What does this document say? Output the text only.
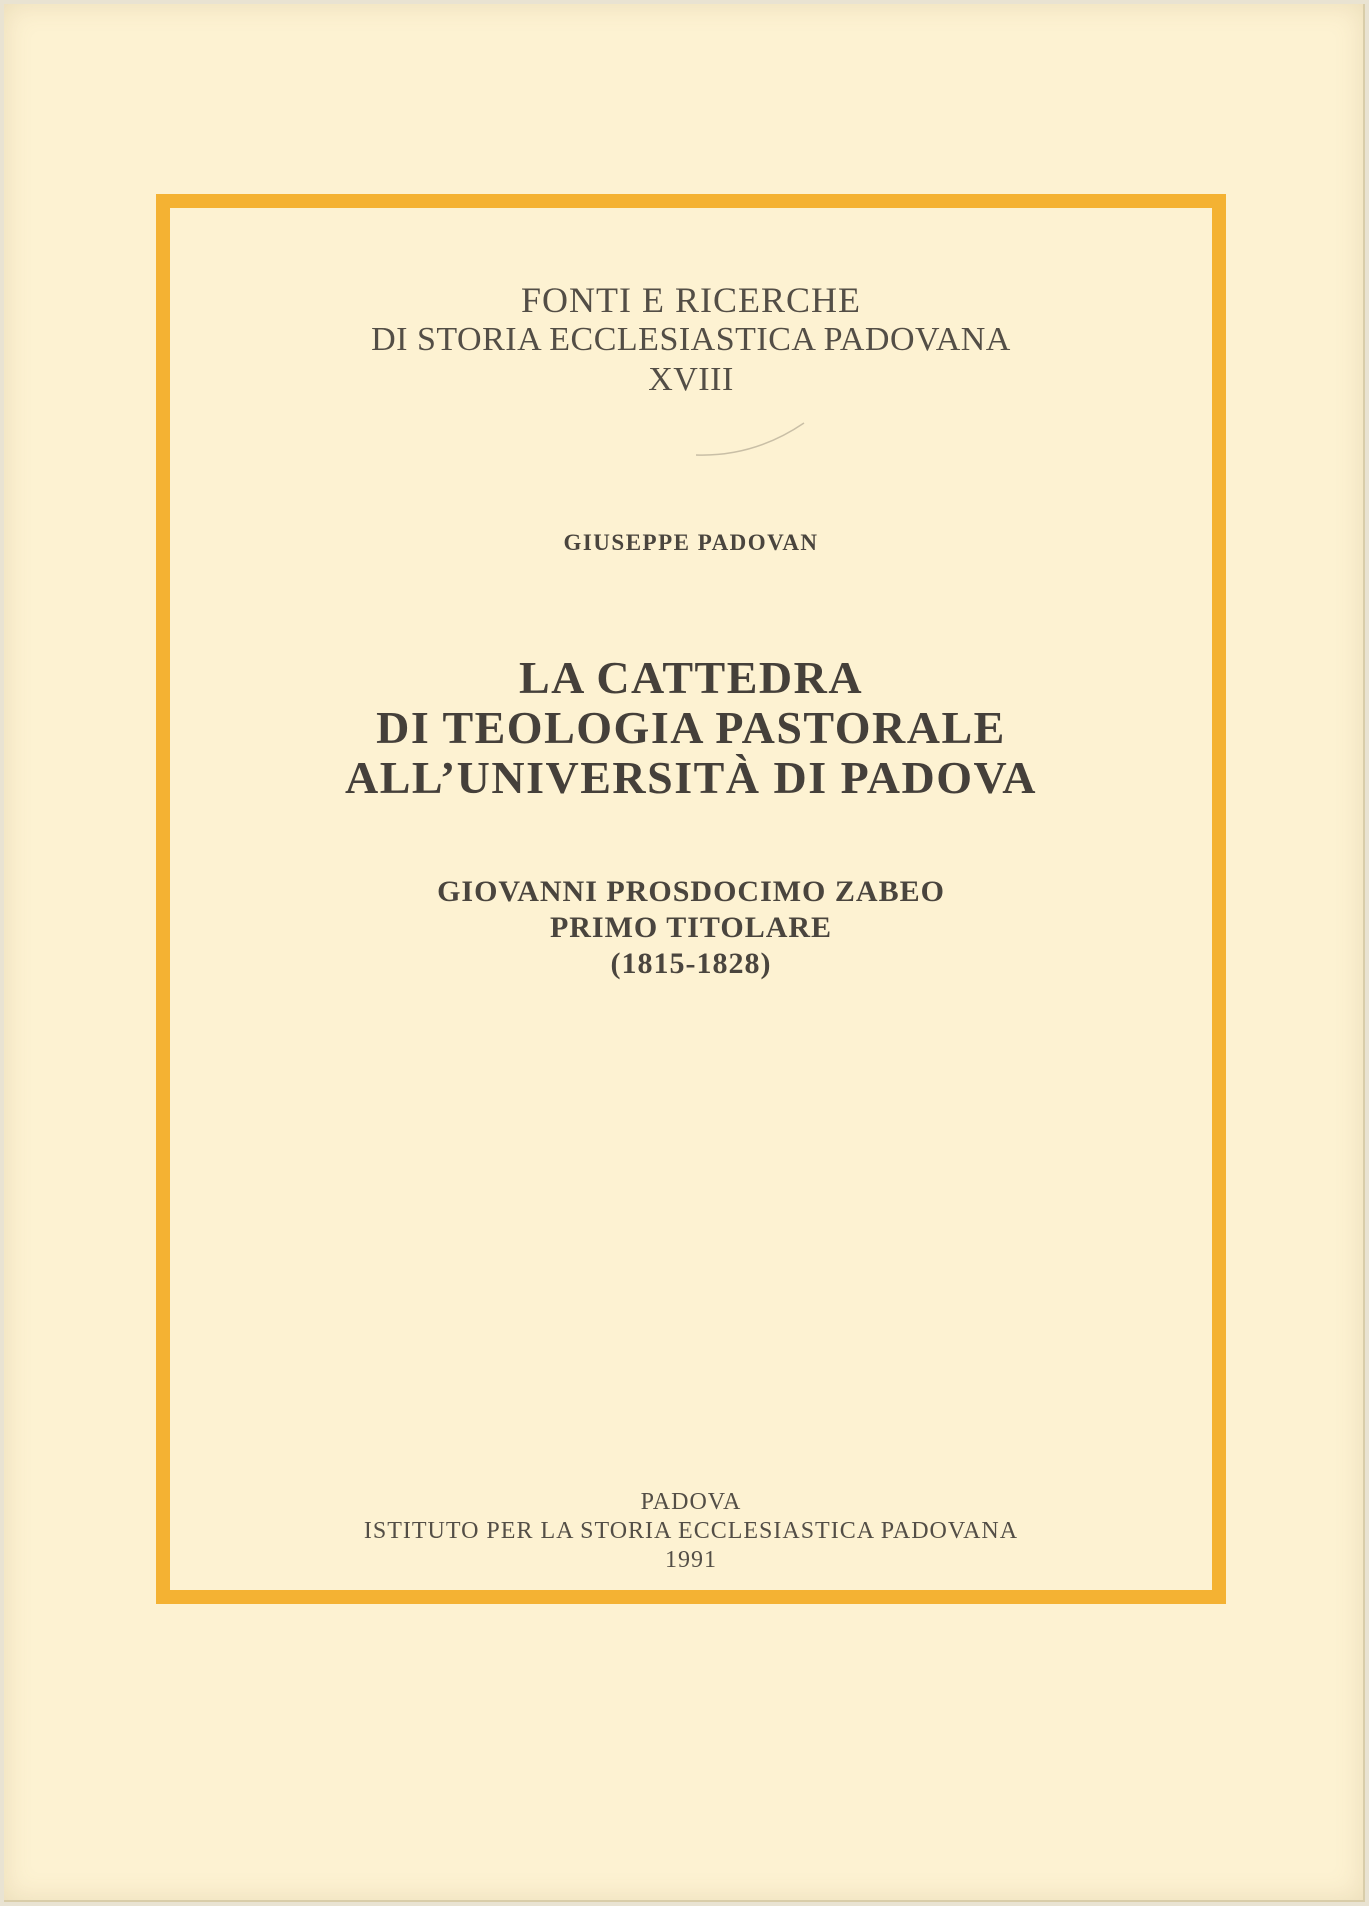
FONTI E RICERCHE
DI STORIA ECCLESIASTICA PADOVANA
XVIII
GIUSEPPE PADOVAN
LA CATTEDRA
DI TEOLOGIA PASTORALE
ALL’UNIVERSITÀ DI PADOVA
GIOVANNI PROSDOCIMO ZABEO
PRIMO TITOLARE
(1815-1828)
PADOVA
ISTITUTO PER LA STORIA ECCLESIASTICA PADOVANA
1991
